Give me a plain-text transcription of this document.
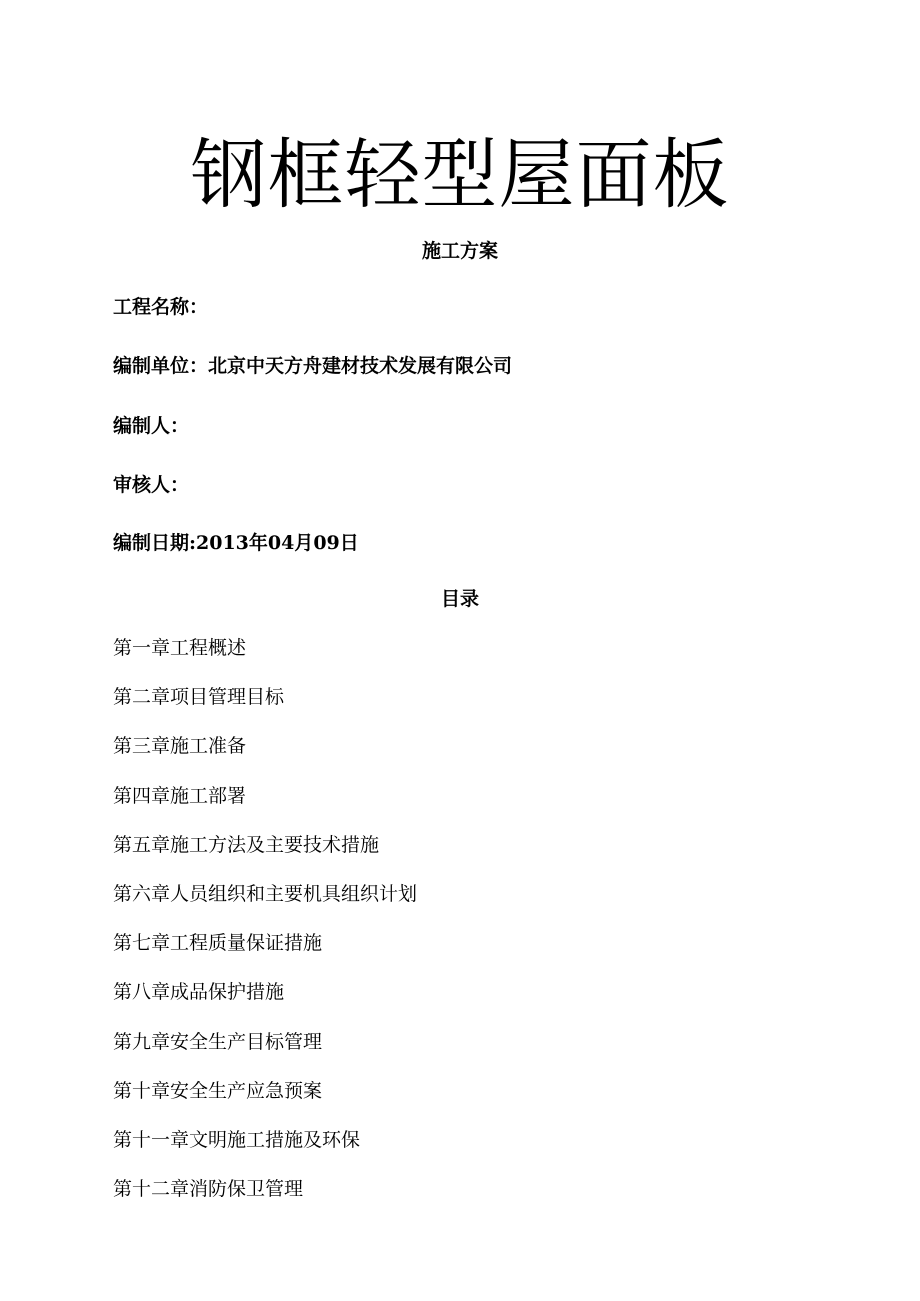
钢框轻型屋面板
施工方案
工程名称：
编制单位：北京中天方舟建材技术发展有限公司
编制人：
审核人：
编制日期:2013年04月09日
目录
第一章工程概述
第二章项目管理目标
第三章施工准备
第四章施工部署
第五章施工方法及主要技术措施
第六章人员组织和主要机具组织计划
第七章工程质量保证措施
第八章成品保护措施
第九章安全生产目标管理
第十章安全生产应急预案
第十一章文明施工措施及环保
第十二章消防保卫管理
